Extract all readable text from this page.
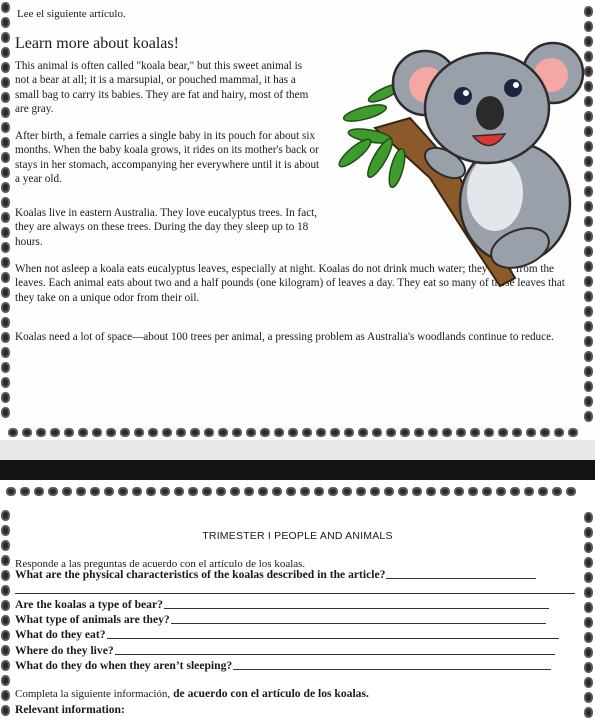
Lee el siguiente artículo.
Learn more about koalas!
This animal is often called "koala bear," but this sweet animal is not a bear at all; it is a marsupial, or pouched mammal, it has a small bag to carry its babies. They are fat and hairy, most of them are gray.
After birth, a female carries a single baby in its pouch for about six months. When the baby koala grows, it rides on its mother's back or stays in her stomach, accompanying her everywhere until it is about a year old.
Koalas live in eastern Australia. They love eucalyptus trees. In fact, they are always on these trees. During the day they sleep up to 18 hours.
When not asleep a koala eats eucalyptus leaves, especially at night. Koalas do not drink much water; they get it from the leaves. Each animal eats about two and a half pounds (one kilogram) of leaves a day. They eat so many of these leaves that they take on a unique odor from their oil.
Koalas need a lot of space—about 100 trees per animal, a pressing problem as Australia's woodlands continue to reduce.
TRIMESTER I PEOPLE AND ANIMALS
Responde a las preguntas de acuerdo con el artículo de los koalas.
What are the physical characteristics of the koalas described in the article?
Are the koalas a type of bear?
What type of animals are they?
What do they eat?
Where do they live?
What do they do when they aren’t sleeping?
Completa la siguiente información, de acuerdo con el artículo de los koalas.
Relevant information:
